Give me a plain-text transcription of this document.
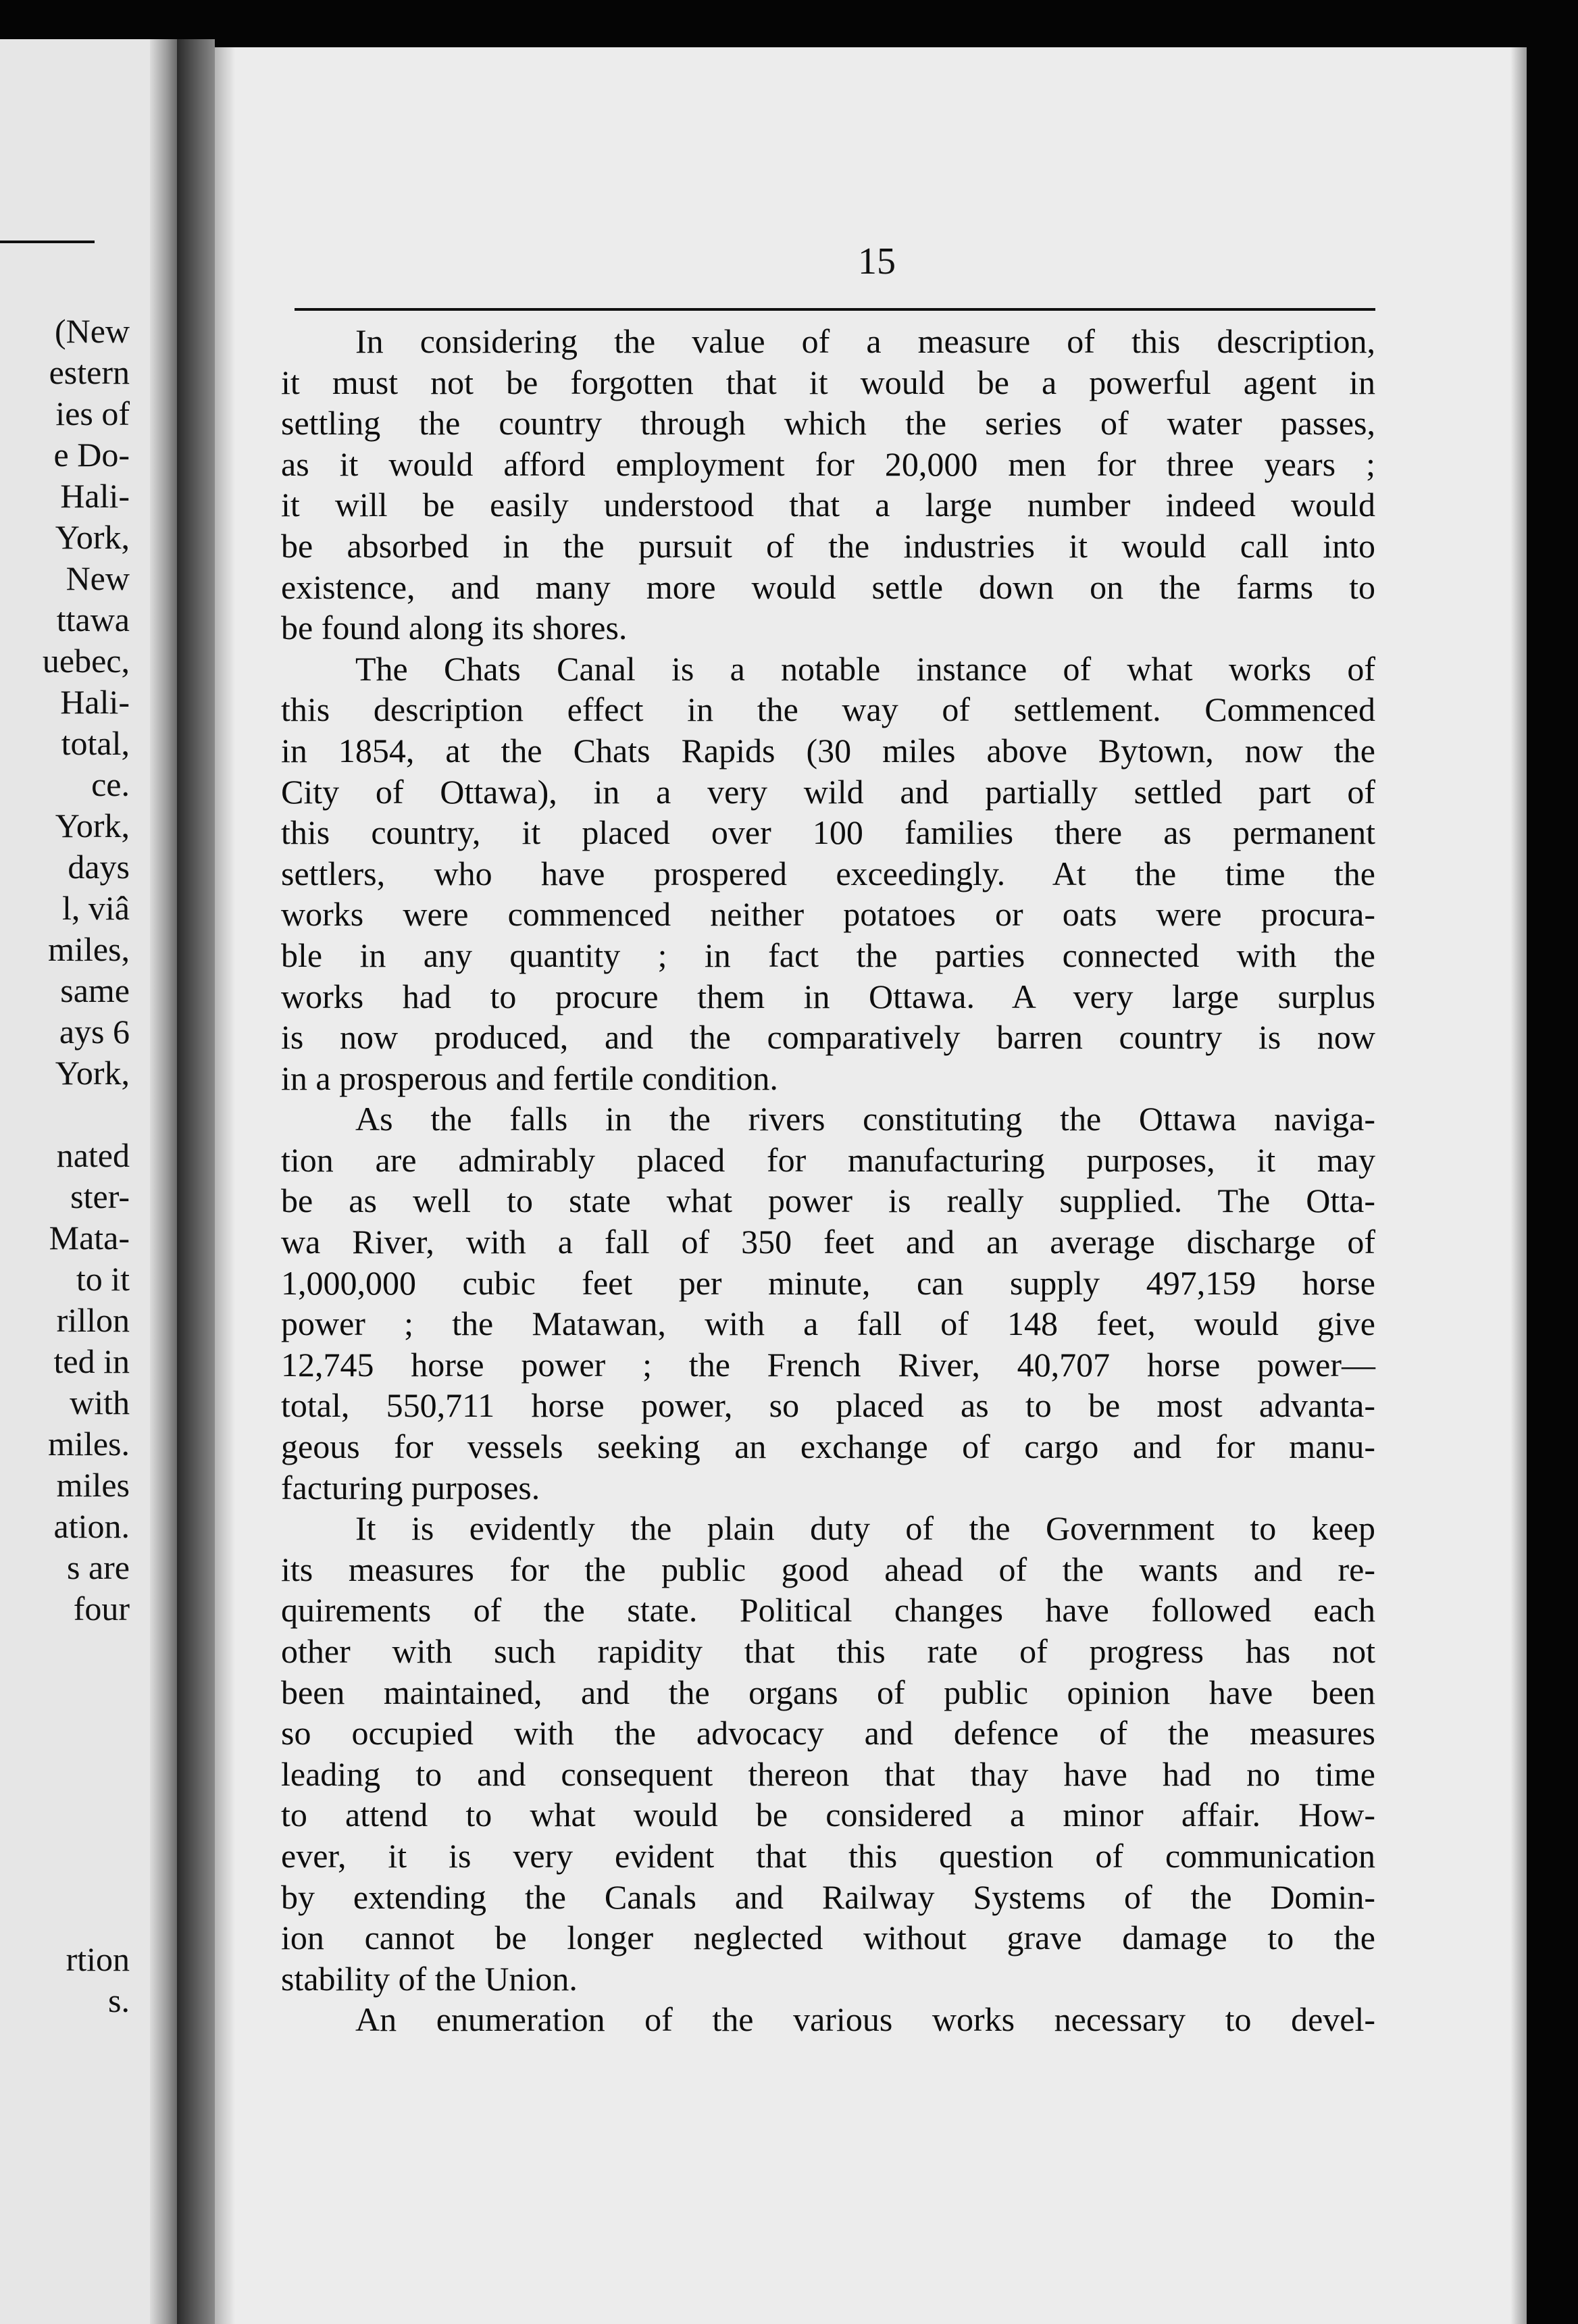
(New
estern
ies of
e Do-
Hali-
York,
New
ttawa
uebec,
Hali-
total,
ce.
York,
days
l, viâ
miles,
same
ays 6
York,

nated
ster-
Mata-
to it
rillon
ted in
with
miles.
miles
ation.
s are
four
rtion
s.
15
In considering the value of a measure of this description,
it must not be forgotten that it would be a powerful agent in
settling the country through which the series of water passes,
as it would afford employment for 20,000 men for three years ;
it will be easily understood that a large number indeed would
be absorbed in the pursuit of the industries it would call into
existence, and many more would settle down on the farms to
be found along its shores.
The Chats Canal is a notable instance of what works of
this description effect in the way of settlement. Commenced
in 1854, at the Chats Rapids (30 miles above Bytown, now the
City of Ottawa), in a very wild and partially settled part of
this country, it placed over 100 families there as permanent
settlers, who have prospered exceedingly. At the time the
works were commenced neither potatoes or oats were procura-
ble in any quantity ; in fact the parties connected with the
works had to procure them in Ottawa. A very large surplus
is now produced, and the comparatively barren country is now
in a prosperous and fertile condition.
As the falls in the rivers constituting the Ottawa naviga-
tion are admirably placed for manufacturing purposes, it may
be as well to state what power is really supplied. The Otta-
wa River, with a fall of 350 feet and an average discharge of
1,000,000 cubic feet per minute, can supply 497,159 horse
power ; the Matawan, with a fall of 148 feet, would give
12,745 horse power ; the French River, 40,707 horse power—
total, 550,711 horse power, so placed as to be most advanta-
geous for vessels seeking an exchange of cargo and for manu-
facturing purposes.
It is evidently the plain duty of the Government to keep
its measures for the public good ahead of the wants and re-
quirements of the state. Political changes have followed each
other with such rapidity that this rate of progress has not
been maintained, and the organs of public opinion have been
so occupied with the advocacy and defence of the measures
leading to and consequent thereon that thay have had no time
to attend to what would be considered a minor affair. How-
ever, it is very evident that this question of communication
by extending the Canals and Railway Systems of the Domin-
ion cannot be longer neglected without grave damage to the
stability of the Union.
An enumeration of the various works necessary to devel-
